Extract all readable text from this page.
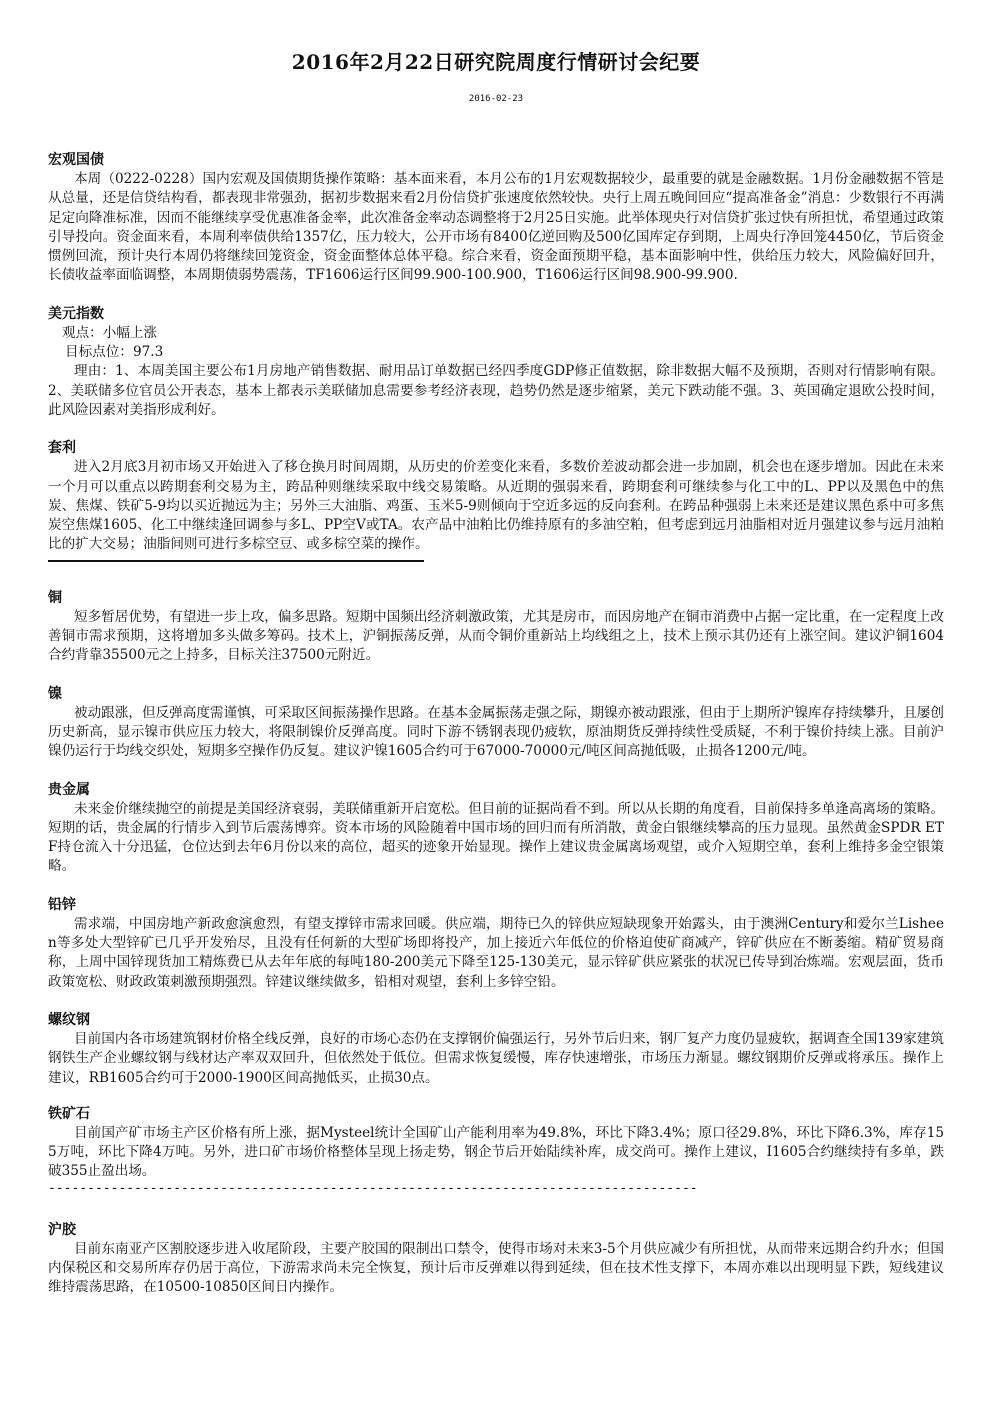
2016年2月22日研究院周度行情研讨会纪要
2016-02-23
宏观国债
本周（0222-0228）国内宏观及国债期货操作策略：基本面来看，本月公布的1月宏观数据较少，最重要的就是金融数据。1月份金融数据不管是从总量，还是信贷结构看，都表现非常强劲，据初步数据来看2月份信贷扩张速度依然较快。央行上周五晚间回应“提高准备金”消息：少数银行不再满足定向降准标准，因而不能继续享受优惠准备金率，此次准备金率动态调整将于2月25日实施。此举体现央行对信贷扩张过快有所担忧，希望通过政策引导投向。资金面来看，本周利率债供给1357亿，压力较大，公开市场有8400亿逆回购及500亿国库定存到期，上周央行净回笼4450亿，节后资金惯例回流，预计央行本周仍将继续回笼资金，资金面整体总体平稳。综合来看，资金面预期平稳，基本面影响中性，供给压力较大，风险偏好回升，长债收益率面临调整，本周期债弱势震荡，TF1606运行区间99.900-100.900，T1606运行区间98.900-99.900.
美元指数
观点：小幅上涨
目标点位：97.3
理由：1、本周美国主要公布1月房地产销售数据、耐用品订单数据已经四季度GDP修正值数据，除非数据大幅不及预期，否则对行情影响有限。2、美联储多位官员公开表态，基本上都表示美联储加息需要参考经济表现，趋势仍然是逐步缩紧，美元下跌动能不强。3、英国确定退欧公投时间，此风险因素对美指形成利好。
套利
进入2月底3月初市场又开始进入了移仓换月时间周期，从历史的价差变化来看，多数价差波动都会进一步加剧，机会也在逐步增加。因此在未来一个月可以重点以跨期套利交易为主，跨品种则继续采取中线交易策略。从近期的强弱来看，跨期套利可继续参与化工中的L、PP以及黑色中的焦炭、焦煤、铁矿5-9均以买近抛远为主；另外三大油脂、鸡蛋、玉米5-9则倾向于空近多远的反向套利。在跨品种强弱上未来还是建议黑色系中可多焦炭空焦煤1605、化工中继续逢回调参与多L、PP空V或TA。农产品中油粕比仍维持原有的多油空粕，但考虑到远月油脂相对近月强建议参与远月油粕比的扩大交易；油脂间则可进行多棕空豆、或多棕空菜的操作。
铜
短多暂居优势，有望进一步上攻，偏多思路。短期中国频出经济刺激政策，尤其是房市，而因房地产在铜市消费中占据一定比重，在一定程度上改善铜市需求预期，这将增加多头做多筹码。技术上，沪铜振荡反弹，从而令铜价重新站上均线组之上，技术上预示其仍还有上涨空间。建议沪铜1604合约背靠35500元之上持多，目标关注37500元附近。
镍
被动跟涨，但反弹高度需谨慎，可采取区间振荡操作思路。在基本金属振荡走强之际，期镍亦被动跟涨，但由于上期所沪镍库存持续攀升，且屡创历史新高，显示镍市供应压力较大，将限制镍价反弹高度。同时下游不锈钢表现仍疲软，原油期货反弹持续性受质疑，不利于镍价持续上涨。目前沪镍仍运行于均线交织处，短期多空操作仍反复。建议沪镍1605合约可于67000-70000元/吨区间高抛低吸，止损各1200元/吨。
贵金属
未来金价继续抛空的前提是美国经济衰弱，美联储重新开启宽松。但目前的证据尚看不到。所以从长期的角度看，目前保持多单逢高离场的策略。短期的话，贵金属的行情步入到节后震荡博弈。资本市场的风险随着中国市场的回归而有所消散，黄金白银继续攀高的压力显现。虽然黄金SPDR ETF持仓流入十分迅猛，仓位达到去年6月份以来的高位，超买的迹象开始显现。操作上建议贵金属离场观望，或介入短期空单，套利上维持多金空银策略。
铅锌
需求端，中国房地产新政愈演愈烈，有望支撑锌市需求回暖。供应端，期待已久的锌供应短缺现象开始露头，由于澳洲Century和爱尔兰Lisheen等多处大型锌矿已几乎开发殆尽，且没有任何新的大型矿场即将投产，加上接近六年低位的价格迫使矿商减产，锌矿供应在不断萎缩。精矿贸易商称，上周中国锌现货加工精炼费已从去年年底的每吨180-200美元下降至125-130美元，显示锌矿供应紧张的状况已传导到冶炼端。宏观层面，货币政策宽松、财政政策刺激预期强烈。锌建议继续做多，铅相对观望，套利上多锌空铅。
螺纹钢
目前国内各市场建筑钢材价格全线反弹，良好的市场心态仍在支撑钢价偏强运行，另外节后归来，钢厂复产力度仍显疲软，据调查全国139家建筑钢铁生产企业螺纹钢与线材达产率双双回升，但依然处于低位。但需求恢复缓慢，库存快速增张，市场压力渐显。螺纹钢期价反弹或将承压。操作上建议，RB1605合约可于2000-1900区间高抛低买，止损30点。
铁矿石
目前国产矿市场主产区价格有所上涨，据Mysteel统计全国矿山产能利用率为49.8%，环比下降3.4%；原口径29.8%，环比下降6.3%，库存155万吨，环比下降4万吨。另外，进口矿市场价格整体呈现上扬走势，钢企节后开始陆续补库，成交尚可。操作上建议，I1605合约继续持有多单，跌破355止盈出场。
-----------------------------------------------------------------------------------
沪胶
目前东南亚产区割胶逐步进入收尾阶段，主要产胶国的限制出口禁令，使得市场对未来3-5个月供应减少有所担忧，从而带来远期合约升水；但国内保税区和交易所库存仍居于高位，下游需求尚未完全恢复，预计后市反弹难以得到延续，但在技术性支撑下，本周亦难以出现明显下跌，短线建议维持震荡思路，在10500-10850区间日内操作。
